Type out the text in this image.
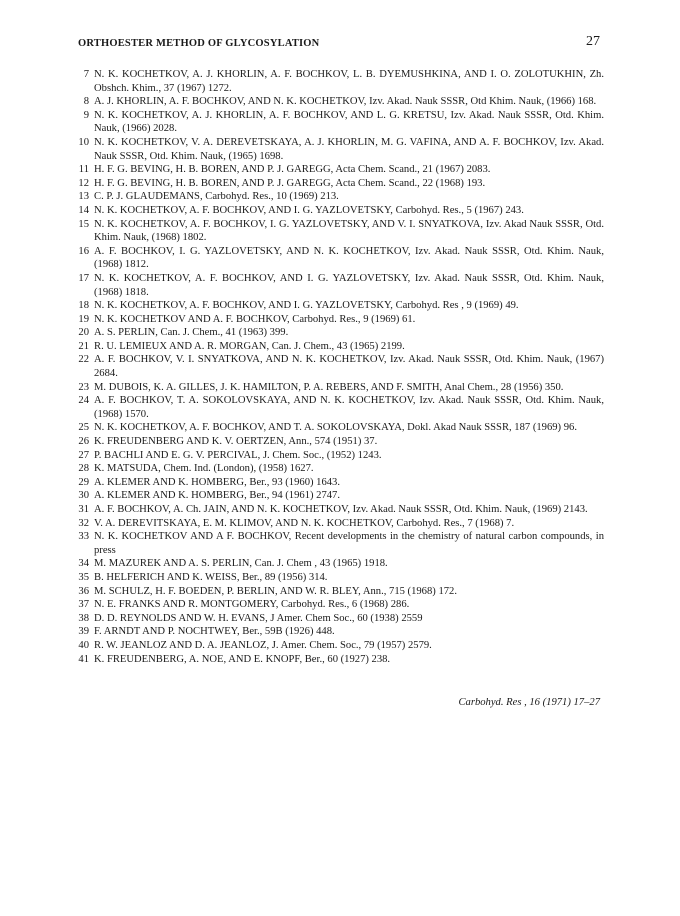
ORTHOESTER METHOD OF GLYCOSYLATION	27
7 N. K. KOCHETKOV, A. J. KHORLIN, A. F. BOCHKOV, L. B. DYEMUSHKINA, AND I. O. ZOLOTUKHIN, Zh. Obshch. Khim., 37 (1967) 1272.
8 A. J. KHORLIN, A. F. BOCHKOV, AND N. K. KOCHETKOV, Izv. Akad. Nauk SSSR, Otd Khim. Nauk, (1966) 168.
9 N. K. KOCHETKOV, A. J. KHORLIN, A. F. BOCHKOV, AND L. G. KRETSU, Izv. Akad. Nauk SSSR, Otd. Khim. Nauk, (1966) 2028.
10 N. K. KOCHETKOV, V. A. DEREVETSKAYA, A. J. KHORLIN, M. G. VAFINA, AND A. F. BOCHKOV, Izv. Akad. Nauk SSSR, Otd. Khim. Nauk, (1965) 1698.
11 H. F. G. BEVING, H. B. BOREN, AND P. J. GAREGG, Acta Chem. Scand., 21 (1967) 2083.
12 H. F. G. BEVING, H. B. BOREN, AND P. J. GAREGG, Acta Chem. Scand., 22 (1968) 193.
13 C. P. J. GLAUDEMANS, Carbohyd. Res., 10 (1969) 213.
14 N. K. KOCHETKOV, A. F. BOCHKOV, AND I. G. YAZLOVETSKY, Carbohyd. Res., 5 (1967) 243.
15 N. K. KOCHETKOV, A. F. BOCHKOV, I. G. YAZLOVETSKY, AND V. I. SNYATKOVA, Izv. Akad Nauk SSSR, Otd. Khim. Nauk, (1968) 1802.
16 A. F. BOCHKOV, I. G. YAZLOVETSKY, AND N. K. KOCHETKOV, Izv. Akad. Nauk SSSR, Otd. Khim. Nauk, (1968) 1812.
17 N. K. KOCHETKOV, A. F. BOCHKOV, AND I. G. YAZLOVETSKY, Izv. Akad. Nauk SSSR, Otd. Khim. Nauk, (1968) 1818.
18 N. K. KOCHETKOV, A. F. BOCHKOV, AND I. G. YAZLOVETSKY, Carbohyd. Res , 9 (1969) 49.
19 N. K. KOCHETKOV AND A. F. BOCHKOV, Carbohyd. Res., 9 (1969) 61.
20 A. S. PERLIN, Can. J. Chem., 41 (1963) 399.
21 R. U. LEMIEUX AND A. R. MORGAN, Can. J. Chem., 43 (1965) 2199.
22 A. F. BOCHKOV, V. I. SNYATKOVA, AND N. K. KOCHETKOV, Izv. Akad. Nauk SSSR, Otd. Khim. Nauk, (1967) 2684.
23 M. DUBOIS, K. A. GILLES, J. K. HAMILTON, P. A. REBERS, AND F. SMITH, Anal Chem., 28 (1956) 350.
24 A. F. BOCHKOV, T. A. SOKOLOVSKAYA, AND N. K. KOCHETKOV, Izv. Akad. Nauk SSSR, Otd. Khim. Nauk, (1968) 1570.
25 N. K. KOCHETKOV, A. F. BOCHKOV, AND T. A. SOKOLOVSKAYA, Dokl. Akad Nauk SSSR, 187 (1969) 96.
26 K. FREUDENBERG AND K. V. OERTZEN, Ann., 574 (1951) 37.
27 P. BACHLI AND E. G. V. PERCIVAL, J. Chem. Soc., (1952) 1243.
28 K. MATSUDA, Chem. Ind. (London), (1958) 1627.
29 A. KLEMER AND K. HOMBERG, Ber., 93 (1960) 1643.
30 A. KLEMER AND K. HOMBERG, Ber., 94 (1961) 2747.
31 A. F. BOCHKOV, A. Ch. JAIN, AND N. K. KOCHETKOV, Izv. Akad. Nauk SSSR, Otd. Khim. Nauk, (1969) 2143.
32 V. A. DEREVITSKAYA, E. M. KLIMOV, AND N. K. KOCHETKOV, Carbohyd. Res., 7 (1968) 7.
33 N. K. KOCHETKOV AND A F. BOCHKOV, Recent developments in the chemistry of natural carbon compounds, in press
34 M. MAZUREK AND A. S. PERLIN, Can. J. Chem , 43 (1965) 1918.
35 B. HELFERICH AND K. WEISS, Ber., 89 (1956) 314.
36 M. SCHULZ, H. F. BOEDEN, P. BERLIN, AND W. R. BLEY, Ann., 715 (1968) 172.
37 N. E. FRANKS AND R. MONTGOMERY, Carbohyd. Res., 6 (1968) 286.
38 D. D. REYNOLDS AND W. H. EVANS, J Amer. Chem Soc., 60 (1938) 2559
39 F. ARNDT AND P. NOCHTWEY, Ber., 59B (1926) 448.
40 R. W. JEANLOZ AND D. A. JEANLOZ, J. Amer. Chem. Soc., 79 (1957) 2579.
41 K. FREUDENBERG, A. NOE, AND E. KNOPF, Ber., 60 (1927) 238.
Carbohyd. Res , 16 (1971) 17–27
